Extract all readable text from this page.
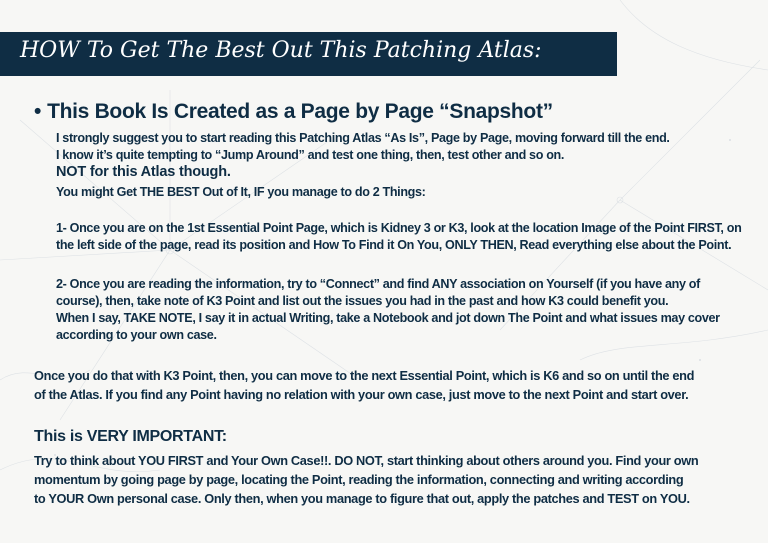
HOW To Get The Best Out This Patching Atlas:
• This Book Is Created as a Page by Page “Snapshot”
I strongly suggest you to start reading this Patching Atlas “As Is”, Page by Page, moving forward till the end.
I know it’s quite tempting to “Jump Around” and test one thing, then, test other and so on.
NOT for this Atlas though.
You might Get THE BEST Out of It, IF you manage to do 2 Things:
1- Once you are on the 1st Essential Point Page, which is Kidney 3 or K3, look at the location Image of the Point FIRST, on
the left side of the page, read its position and How To Find it On You, ONLY THEN, Read everything else about the Point.
2- Once you are reading the information, try to “Connect” and find ANY association on Yourself (if you have any of
course), then, take note of K3 Point and list out the issues you had in the past and how K3 could benefit you.
When I say, TAKE NOTE, I say it in actual Writing, take a Notebook and jot down The Point and what issues may cover
according to your own case.
Once you do that with K3 Point, then, you can move to the next Essential Point, which is K6 and so on until the end
of the Atlas. If you find any Point having no relation with your own case, just move to the next Point and start over.
This is VERY IMPORTANT:
Try to think about YOU FIRST and Your Own Case!!. DO NOT, start thinking about others around you. Find your own
momentum by going page by page, locating the Point, reading the information, connecting and writing according
to YOUR Own personal case. Only then, when you manage to figure that out, apply the patches and TEST on YOU.
